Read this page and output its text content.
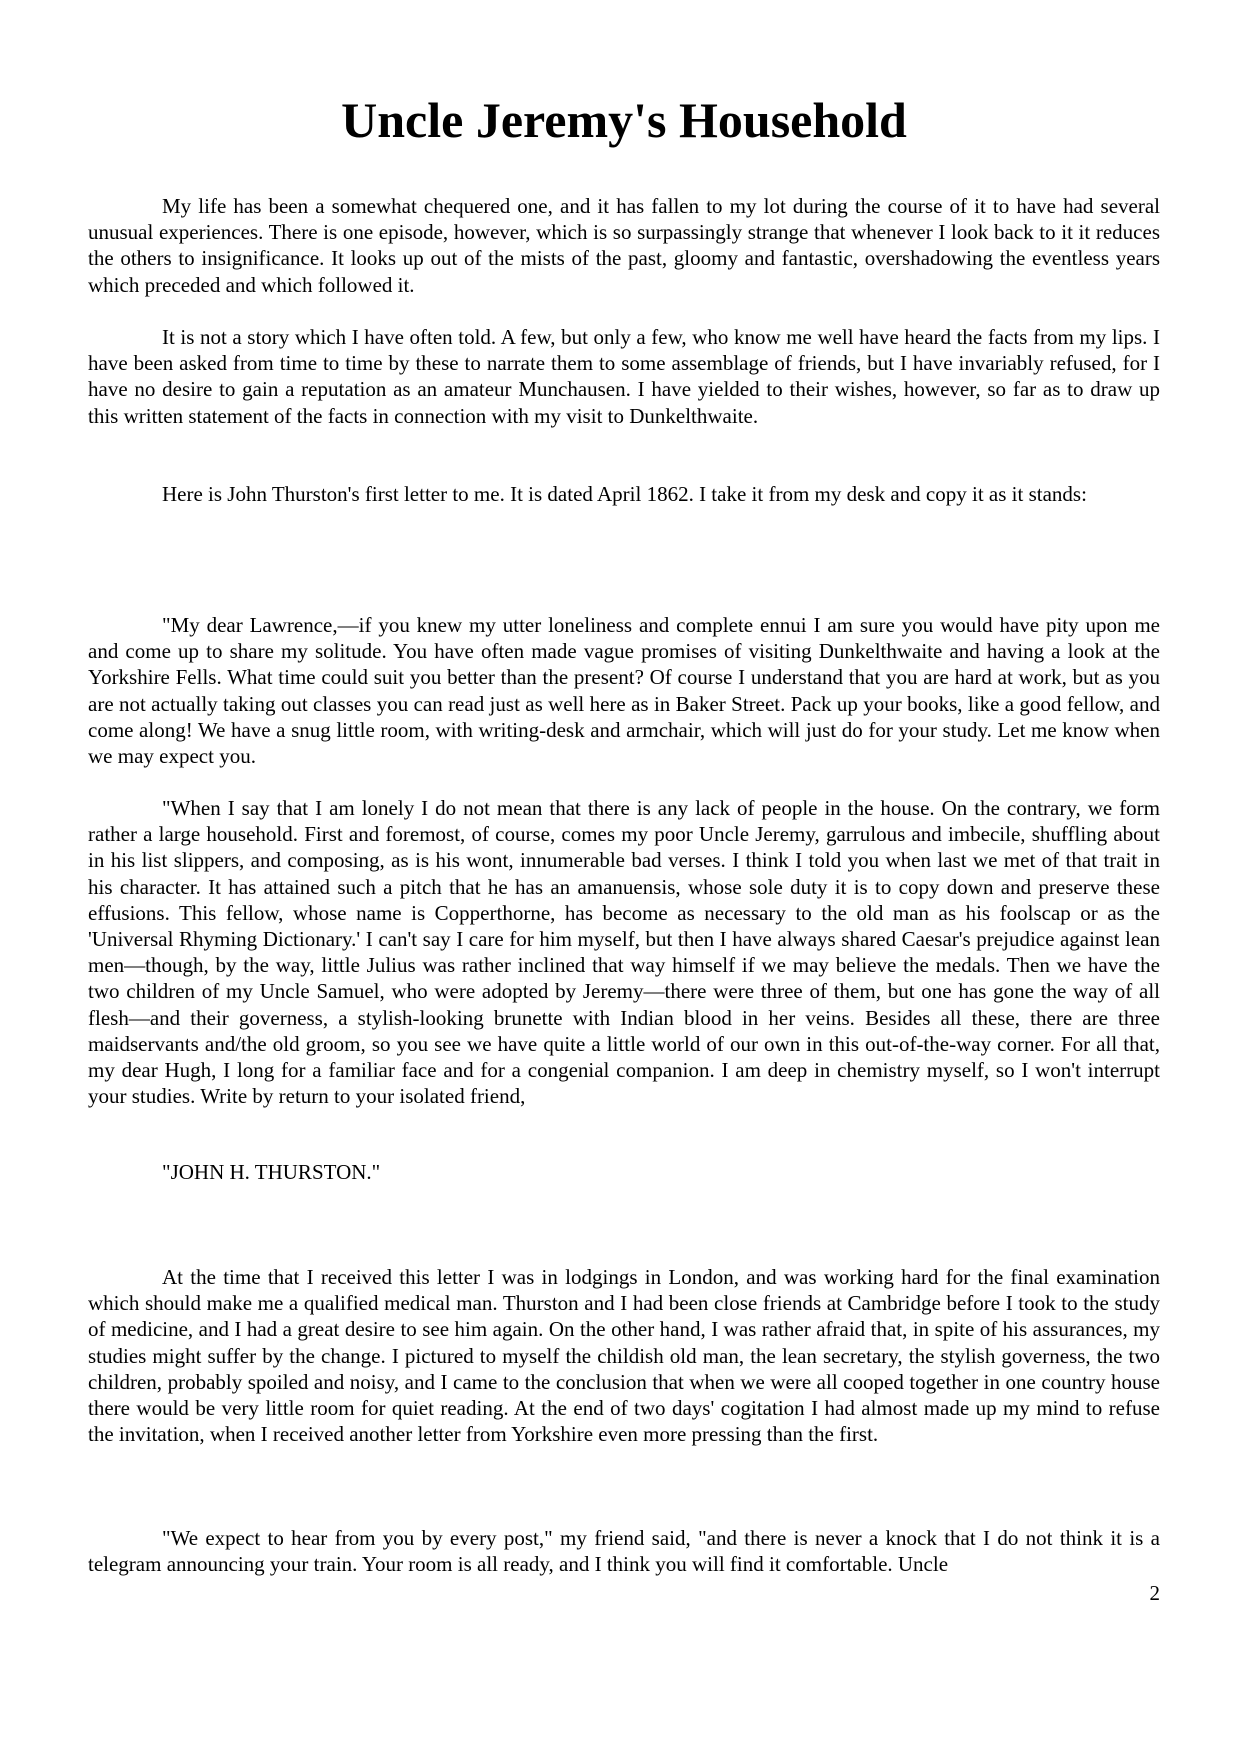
Uncle Jeremy's Household

My life has been a somewhat chequered one, and it has fallen to my lot during the course of it to have had several unusual experiences. There is one episode, however, which is so surpassingly strange that whenever I look back to it it reduces the others to insignificance. It looks up out of the mists of the past, gloomy and fantastic, overshadowing the eventless years which preceded and which followed it.

It is not a story which I have often told. A few, but only a few, who know me well have heard the facts from my lips. I have been asked from time to time by these to narrate them to some assemblage of friends, but I have invariably refused, for I have no desire to gain a reputation as an amateur Munchausen. I have yielded to their wishes, however, so far as to draw up this written statement of the facts in connection with my visit to Dunkelthwaite.

Here is John Thurston's first letter to me. It is dated April 1862. I take it from my desk and copy it as it stands:

"My dear Lawrence,—if you knew my utter loneliness and complete ennui I am sure you would have pity upon me and come up to share my solitude. You have often made vague promises of visiting Dunkelthwaite and having a look at the Yorkshire Fells. What time could suit you better than the present? Of course I understand that you are hard at work, but as you are not actually taking out classes you can read just as well here as in Baker Street. Pack up your books, like a good fellow, and come along! We have a snug little room, with writing-desk and armchair, which will just do for your study. Let me know when we may expect you.

"When I say that I am lonely I do not mean that there is any lack of people in the house. On the contrary, we form rather a large household. First and foremost, of course, comes my poor Uncle Jeremy, garrulous and imbecile, shuffling about in his list slippers, and composing, as is his wont, innumerable bad verses. I think I told you when last we met of that trait in his character. It has attained such a pitch that he has an amanuensis, whose sole duty it is to copy down and preserve these effusions. This fellow, whose name is Copperthorne, has become as necessary to the old man as his foolscap or as the 'Universal Rhyming Dictionary.' I can't say I care for him myself, but then I have always shared Caesar's prejudice against lean men—though, by the way, little Julius was rather inclined that way himself if we may believe the medals. Then we have the two children of my Uncle Samuel, who were adopted by Jeremy—there were three of them, but one has gone the way of all flesh—and their governess, a stylish-looking brunette with Indian blood in her veins. Besides all these, there are three maidservants and/the old groom, so you see we have quite a little world of our own in this out-of-the-way corner. For all that, my dear Hugh, I long for a familiar face and for a congenial companion. I am deep in chemistry myself, so I won't interrupt your studies. Write by return to your isolated friend,

"JOHN H. THURSTON."

At the time that I received this letter I was in lodgings in London, and was working hard for the final examination which should make me a qualified medical man. Thurston and I had been close friends at Cambridge before I took to the study of medicine, and I had a great desire to see him again. On the other hand, I was rather afraid that, in spite of his assurances, my studies might suffer by the change. I pictured to myself the childish old man, the lean secretary, the stylish governess, the two children, probably spoiled and noisy, and I came to the conclusion that when we were all cooped together in one country house there would be very little room for quiet reading. At the end of two days' cogitation I had almost made up my mind to refuse the invitation, when I received another letter from Yorkshire even more pressing than the first.

"We expect to hear from you by every post," my friend said, "and there is never a knock that I do not think it is a telegram announcing your train. Your room is all ready, and I think you will find it comfortable. Uncle

2
